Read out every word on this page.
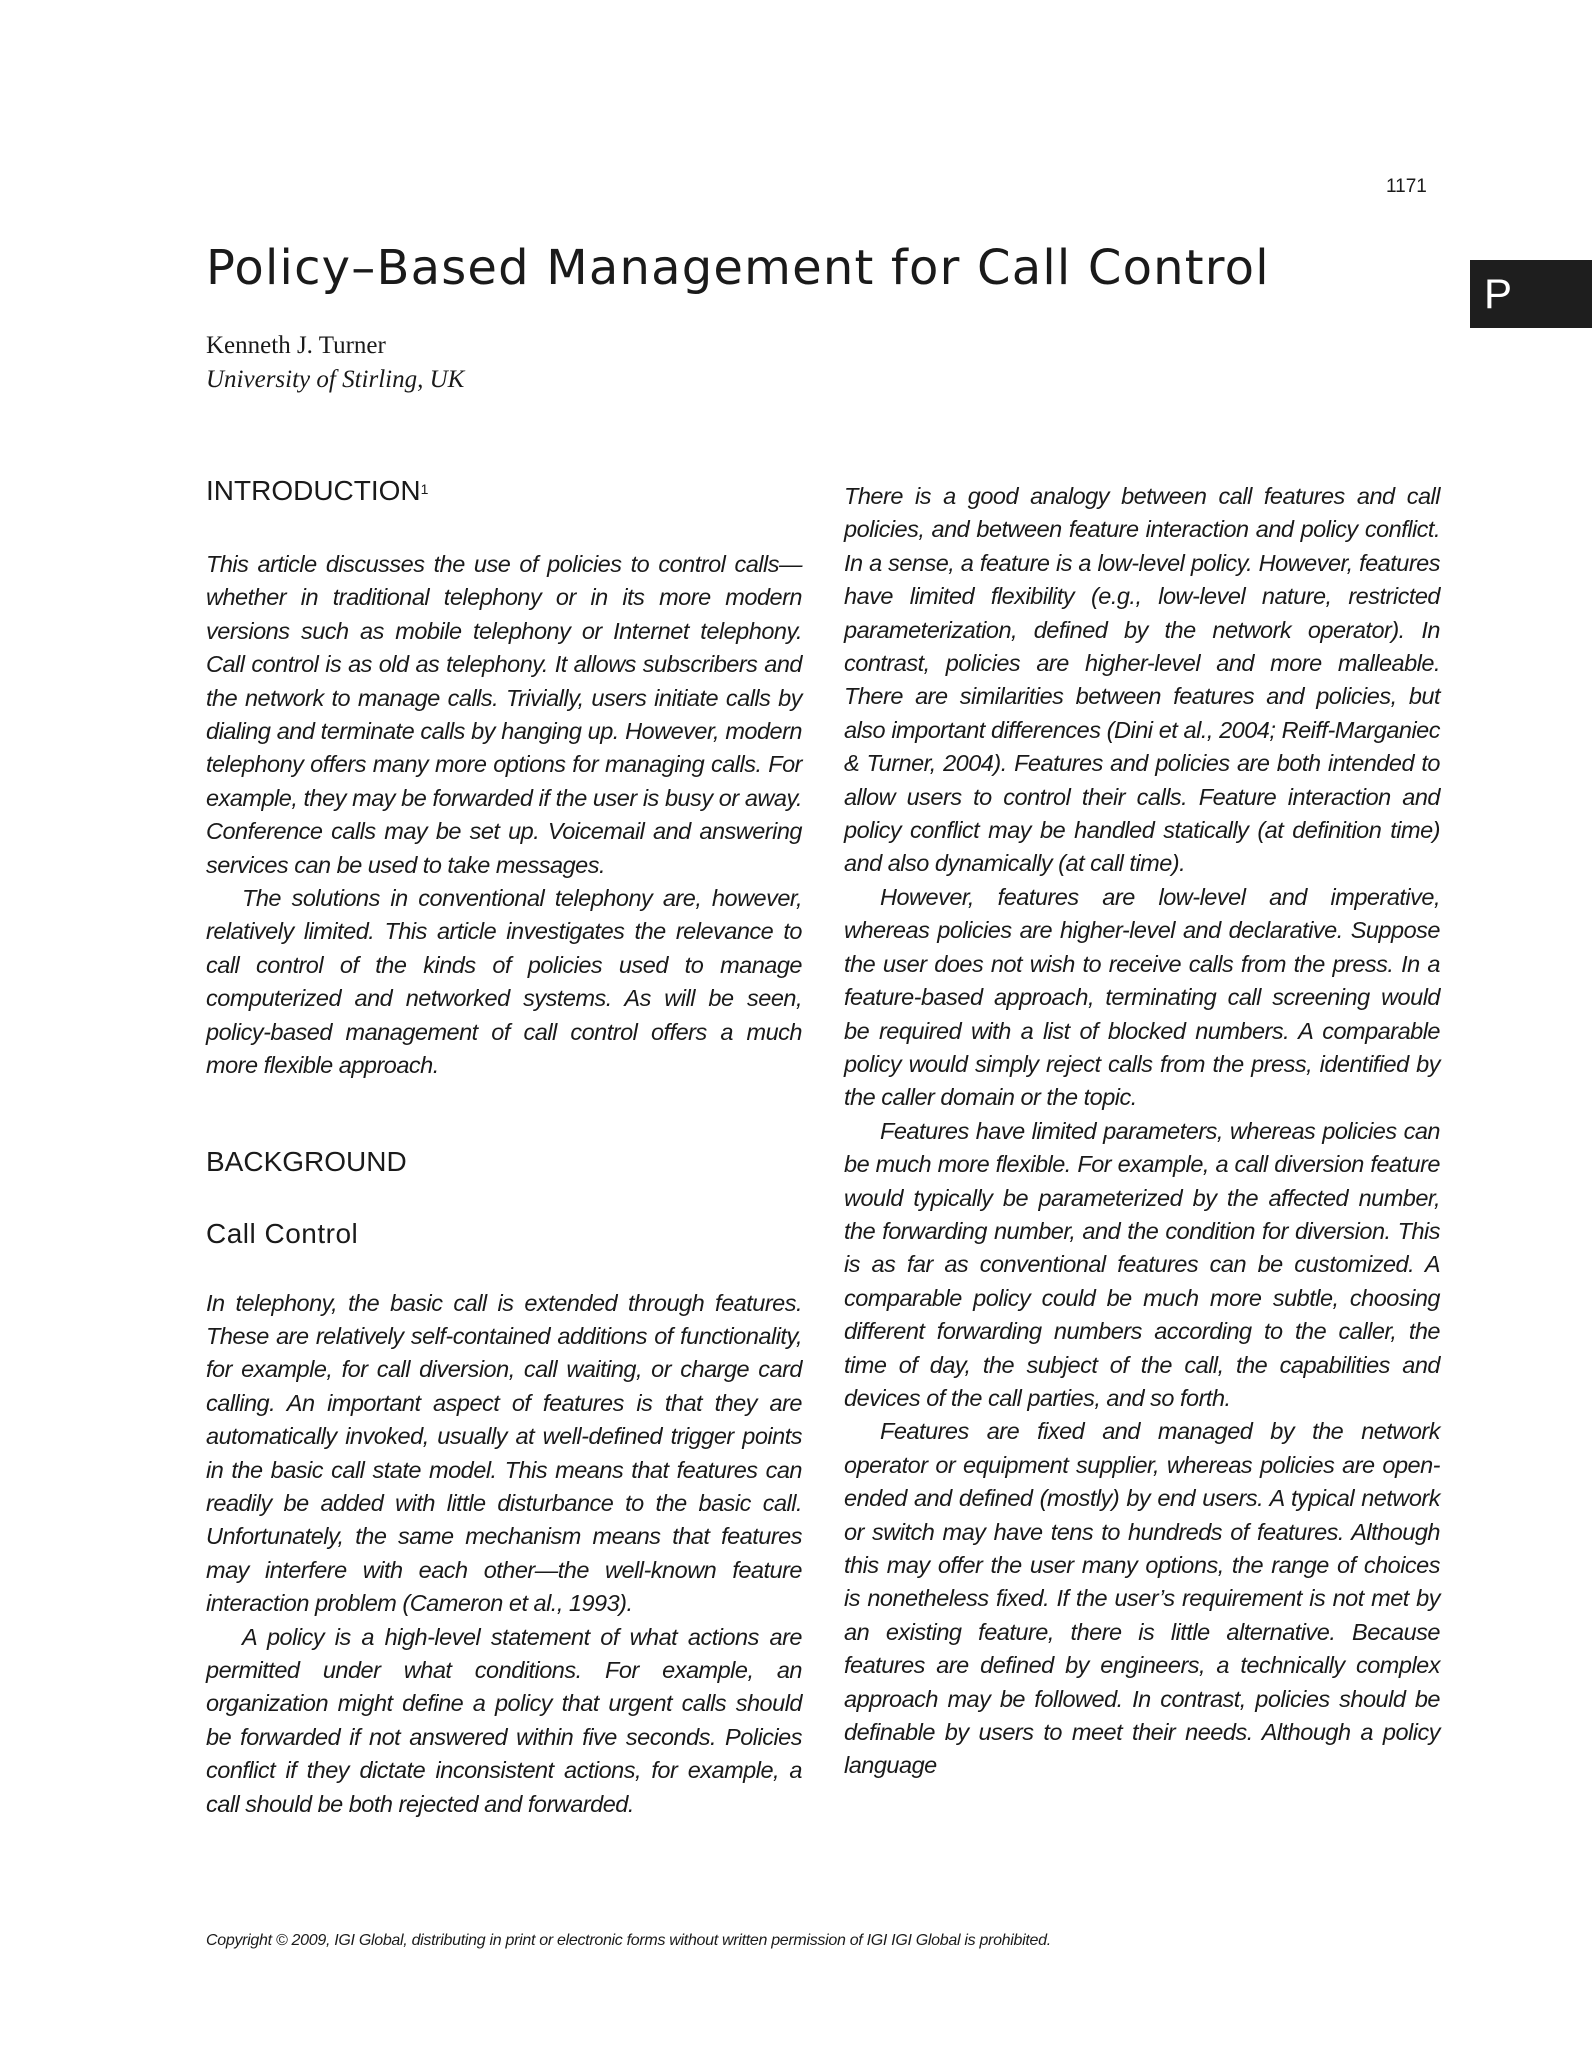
1171
P
Policy–Based Management for Call Control
Kenneth J. Turner
University of Stirling, UK
INTRODUCTION$^1$

This article discusses the use of policies to control calls—whether in traditional telephony or in its more modern versions such as mobile telephony or Internet telephony. Call control is as old as telephony. It allows subscribers and the network to manage calls. Trivially, users initiate calls by dialing and terminate calls by hanging up. However, modern telephony offers many more options for managing calls. For example, they may be forwarded if the user is busy or away. Conference calls may be set up. Voicemail and answering services can be used to take messages.

The solutions in conventional telephony are, however, relatively limited. This article investigates the relevance to call control of the kinds of policies used to manage computerized and networked systems. As will be seen, policy-based management of call control offers a much more flexible approach.

BACKGROUND
Call Control

In telephony, the basic call is extended through features. These are relatively self-contained additions of functionality, for example, for call diversion, call waiting, or charge card calling. An important aspect of features is that they are automatically invoked, usually at well-defined trigger points in the basic call state model. This means that features can readily be added with little disturbance to the basic call. Unfortunately, the same mechanism means that features may interfere with each other—the well-known feature interaction problem (Cameron et al., 1993).

A policy is a high-level statement of what actions are permitted under what conditions. For example, an organization might define a policy that urgent calls should be forwarded if not answered within five seconds. Policies conflict if they dictate inconsistent actions, for example, a call should be both rejected and forwarded.

There is a good analogy between call features and call policies, and between feature interaction and policy conflict. In a sense, a feature is a low-level policy. However, features have limited flexibility (e.g., low-level nature, restricted parameterization, defined by the network operator). In contrast, policies are higher-level and more malleable. There are similarities between features and policies, but also important differences (Dini et al., 2004; Reiff-Marganiec & Turner, 2004). Features and policies are both intended to allow users to control their calls. Feature interaction and policy conflict may be handled statically (at definition time) and also dynamically (at call time).

However, features are low-level and imperative, whereas policies are higher-level and declarative. Suppose the user does not wish to receive calls from the press. In a feature-based approach, terminating call screening would be required with a list of blocked numbers. A comparable policy would simply reject calls from the press, identified by the caller domain or the topic.

Features have limited parameters, whereas policies can be much more flexible. For example, a call diversion feature would typically be parameterized by the affected number, the forwarding number, and the condition for diversion. This is as far as conventional features can be customized. A comparable policy could be much more subtle, choosing different forwarding numbers according to the caller, the time of day, the subject of the call, the capabilities and devices of the call parties, and so forth.

Features are fixed and managed by the network operator or equipment supplier, whereas policies are open-ended and defined (mostly) by end users. A typical network or switch may have tens to hundreds of features. Although this may offer the user many options, the range of choices is nonetheless fixed. If the user’s requirement is not met by an existing feature, there is little alternative. Because features are defined by engineers, a technically complex approach may be followed. In contrast, policies should be definable by users to meet their needs. Although a policy language

Copyright © 2009, IGI Global, distributing in print or electronic forms without written permission of IGI IGI Global is prohibited.
